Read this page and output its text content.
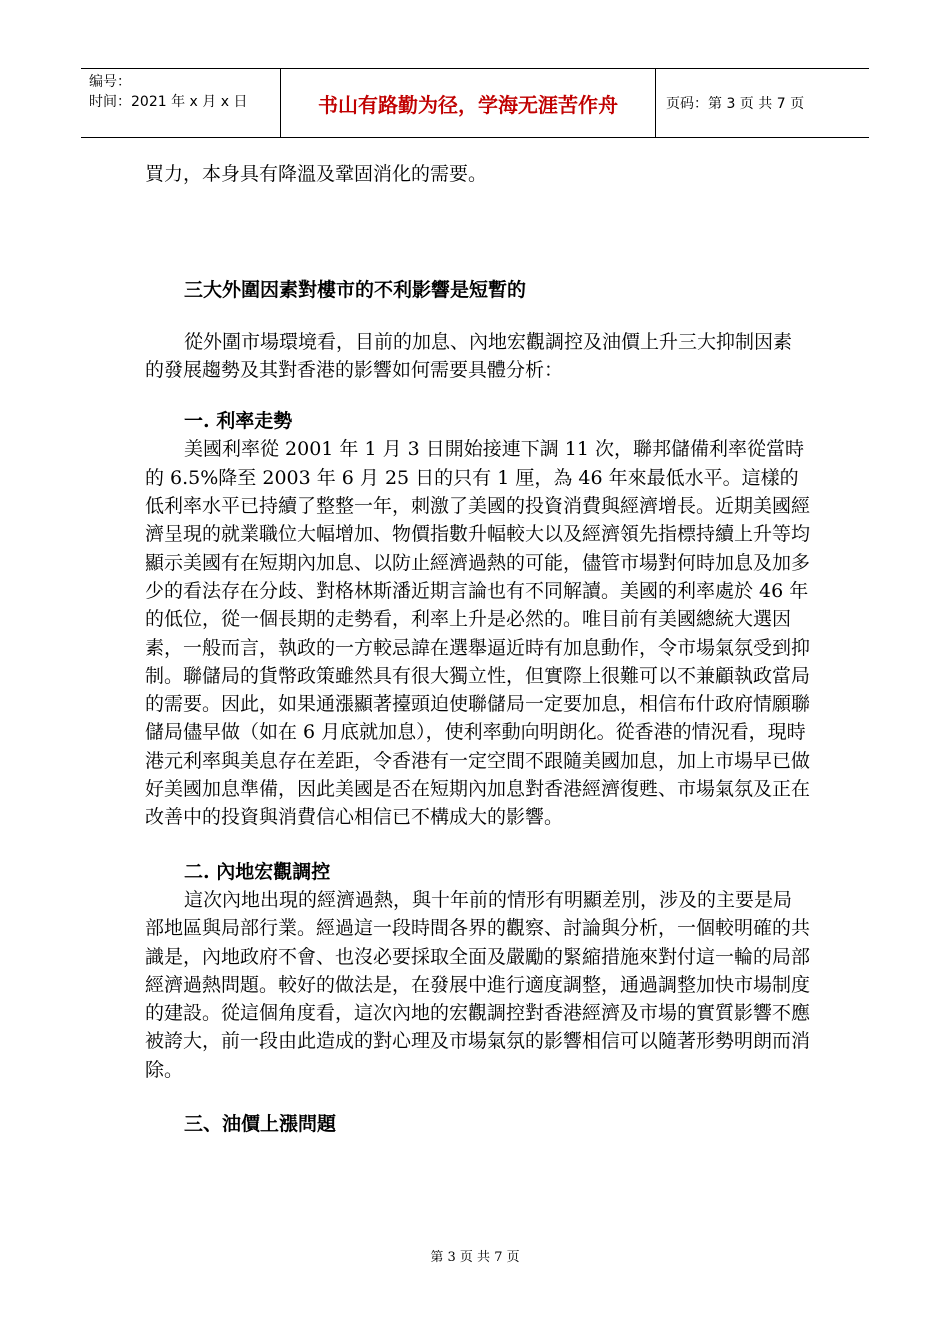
编号：
时间：2021 年 x 月 x 日	书山有路勤为径，学海无涯苦作舟	页码：第 3 页 共 7 页

買力，本身具有降溫及鞏固消化的需要。

三大外圍因素對樓市的不利影響是短暫的

從外圍市場環境看，目前的加息、內地宏觀調控及油價上升三大抑制因素的發展趨勢及其對香港的影響如何需要具體分析：

一. 利率走勢

美國利率從 2001 年 1 月 3 日開始接連下調 11 次，聯邦儲備利率從當時的 6.5%降至 2003 年 6 月 25 日的只有 1 厘，為 46 年來最低水平。這樣的低利率水平已持續了整整一年，刺激了美國的投資消費與經濟增長。近期美國經濟呈現的就業職位大幅增加、物價指數升幅較大以及經濟領先指標持續上升等均顯示美國有在短期內加息、以防止經濟過熱的可能，儘管市場對何時加息及加多少的看法存在分歧、對格林斯潘近期言論也有不同解讀。美國的利率處於 46 年的低位，從一個長期的走勢看，利率上升是必然的。唯目前有美國總統大選因素，一般而言，執政的一方較忌諱在選舉逼近時有加息動作，令市場氣氛受到抑制。聯儲局的貨幣政策雖然具有很大獨立性，但實際上很難可以不兼顧執政當局的需要。因此，如果通漲顯著擡頭迫使聯儲局一定要加息，相信布什政府情願聯儲局儘早做（如在 6 月底就加息），使利率動向明朗化。從香港的情況看，現時港元利率與美息存在差距，令香港有一定空間不跟隨美國加息，加上市場早已做好美國加息準備，因此美國是否在短期內加息對香港經濟復甦、市場氣氛及正在改善中的投資與消費信心相信已不構成大的影響。

二. 內地宏觀調控

這次內地出現的經濟過熱，與十年前的情形有明顯差別，涉及的主要是局部地區與局部行業。經過這一段時間各界的觀察、討論與分析，一個較明確的共識是，內地政府不會、也沒必要採取全面及嚴勵的緊縮措施來對付這一輪的局部經濟過熱問題。較好的做法是，在發展中進行適度調整，通過調整加快市場制度的建設。從這個角度看，這次內地的宏觀調控對香港經濟及市場的實質影響不應被誇大，前一段由此造成的對心理及市場氣氛的影響相信可以隨著形勢明朗而消除。

三、油價上漲問題

第 3 页 共 7 页
